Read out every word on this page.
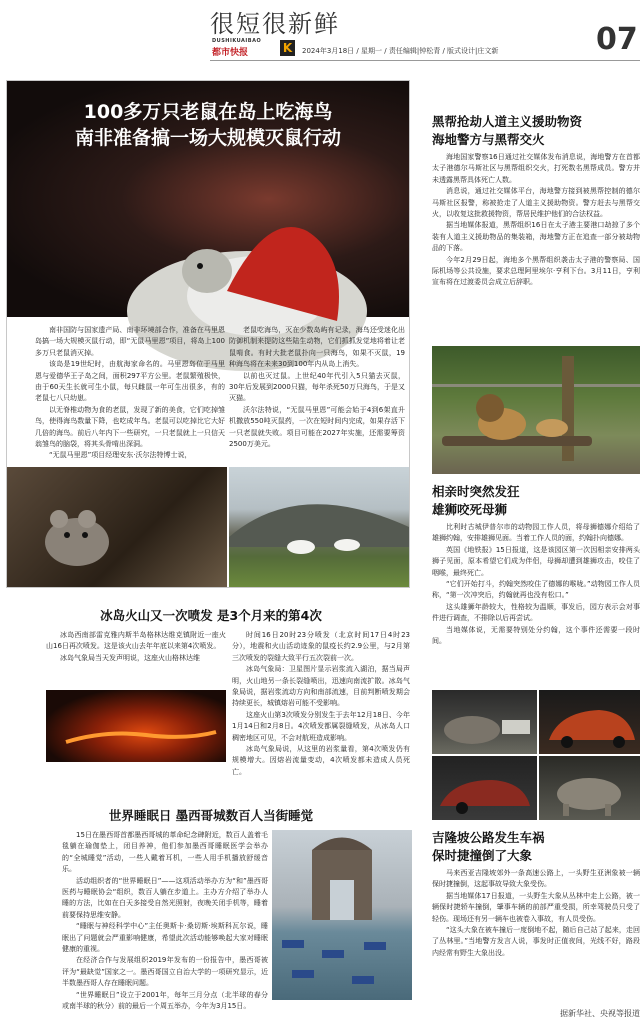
很短很新鲜
DUSHIKUAIBAO
都市快报	K	2024年3月18日 / 星期一 / 责任编辑|钟松青 / 版式设计|庄文新	07
100多万只老鼠在岛上吃海鸟
南非准备搞一场大规模灭鼠行动

南非国防与国家遗产局、南非环境部合作，准备在马里恩岛搞一场大规模灭鼠行动，即“无鼠马里恩”项目，将岛上100多万只老鼠消灭掉。

该岛是19世纪时，由航海家命名的。马里恩岛位于马里恩与爱德华王子岛之间，面积297平方公里。老鼠繁殖极快，由于60天生长就可生小鼠，每只雌鼠一年可生出很多，有的老鼠七八只幼崽。

以无脊椎动物为食的老鼠，发现了新的美食，它们吃掉雏鸟，使得海鸟数量下降，也吃成年鸟。老鼠可以吃掉比它大好几倍的海鸟。前后八年内下一些研究，一只老鼠就上一只信天翁雏鸟的脑袋，将其头骨啃出深洞。

“无鼠马里恩”项目经理安东·沃尔法特博士说，

老鼠吃海鸟，灭在少数岛屿有记录，海鸟还受迷化出防御机制来提防这些陆生动物，它们抓抓发觉地将着让老鼠啃食。有时大批老鼠扑向一只海鸟，如果不灭鼠，19种海鸟将在未来30到100年内从岛上消失。

以前也灭过鼠。上世纪40年代引入5只猫去灭鼠，30年后发展到2000只猫，每年杀死50万只海鸟，于是又灭猫。

沃尔法特说，“无鼠马里恩”可能会始于4到6架直升机撒放550吨灭鼠药，一次在短时间内完成，如果存活下一只老鼠就失败。项目可能在2027年实施，还需要筹资2500万美元。

黑帮抢劫人道主义援助物资
海地警方与黑帮交火

海地国家警察16日通过社交媒体发布消息说，海地警方在首都太子港德尔马斯社区与黑帮组织交火，打死数名黑帮成员。警方并未透露黑帮具体死亡人数。

消息说，通过社交媒体平台，海地警方接到被黑帮控制的德尔马斯社区报警，称被抢走了人道主义援助物资。警方赶去与黑帮交火，以收复这批救援物资，帮居民维护他们的合法权益。

据当地媒体报道，黑帮组织16日在太子港主要港口劫掠了多个装有人道主义援助物品的集装箱，海地警方正在追查一部分被劫物品的下落。

今年2月29日起，海地多个黑帮组织袭击太子港的警察局、国际机场等公共设施，要求总理阿里埃尔·亨利下台。3月11日，亨利宣布将在过渡委员会成立后辞职。

相亲时突然发狂
雄狮咬死母狮

比利时古城伊普尔市的动物园工作人员，将母狮德娜介绍给了雄狮约翰，安排雄狮见面。当着工作人员的面，约翰扑向德娜。

英国《地铁报》15日报道，这是该园区第一次因相亲安排两头狮子见面，原本希望它们成为伴侣，母狮却遭到雄狮攻击，咬住了咽喉，最终死亡。

“它们开始打斗，约翰突然咬住了德娜的喉咙。”动物园工作人员称，“第一次冲突后，约翰就再也没有松口。”

这头雄狮年龄较大，性格较为温顺，事发后，园方表示会对事件进行调查，不排除以后再尝试。

当地媒体说，无需要特别处分约翰，这个事件还需要一段时间。

吉隆坡公路发生车祸
保时捷撞倒了大象

马来西亚吉隆坡郊外一条高速公路上，一头野生亚洲象被一辆保时捷撞倒，这起事故导致大象受伤。

据当地媒体17日报道，一头野生大象从丛林中走上公路，被一辆保时捷轿车撞倒，肇事车辆的前部严重受损，所幸驾驶员只受了轻伤。现场还有另一辆车也被卷入事故，有人员受伤。

“这头大象在被车撞后一度倒地不起，随后自己站了起来，走回了丛林里。”当地警方发言人说，事发时正值夜间，光线不好，路段内经常有野生大象出没。

冰岛火山又一次喷发 是3个月来的第4次

冰岛西南部雷克雅内斯半岛格林达维克镇附近一座火山16日再次喷发。这是该火山去年年底以来第4次喷发。

冰岛气象局当天发声明说，这座火山格林达维

时间16日20时23分喷发（北京时间17日4时23分），地震和火山活动迹象的鼠疫长约2.9公里，与2月第三次喷发的裂缝大致平行五次裂前一次。

冰岛气象局：卫星图片显示岩浆流入湖泊，据当局声明，火山地另一条长裂缝喷出，迅速向南流扩散。冰岛气象局说，据岩浆流动方向和南部流速，目前判断喷发期会持续更长，城镇熔岩可能不受影响。

这座火山第3次喷发分别发生于去年12月18日、今年1月14日和2月8日。4次喷发都属裂缝喷发，从冰岛人口稠密地区可见，不会对航班造成影响。

冰岛气象局说，从这里的岩浆量看，第4次喷发仍有规模增大。因熔岩流量变动，4次喷发都未造成人员死亡。

世界睡眠日 墨西哥城数百人当街睡觉

15日在墨西哥首都墨西哥城的革命纪念碑附近，数百人盖着毛毯躺在瑜伽垫上，闭目养神，他们参加墨西哥睡眠医学会举办的“全城睡觉”活动，一些人戴着耳机，一些人用手机播放舒缓音乐。

活动组织者的“世界睡眠日”——这项活动举办方为“和”墨西哥医药与睡眠协会“组织，数百人躺在步道上。主办方介绍了举办人睡的方法，比如在白天多接受自然光照射，夜晚关闭手机等，睡着前要保持思维安静。

“睡眠与神经科学中心”主任奥斯卡·桑切斯·埃斯科瓦尔说，睡眠出了问题就会严重影响健康，希望此次活动能够唤起大家对睡眠健康的重视。

在经济合作与发展组织2019年发布的一份报告中，墨西哥被评为“最缺觉”国家之一。墨西哥国立自治大学的一项研究显示，近半数墨西哥人存在睡眠问题。

“世界睡眠日”设立于2001年，每年三月分点（北半球的春分或南半球的秋分）前的最后一个周五举办，今年为3月15日。

据新华社、央视等报道
